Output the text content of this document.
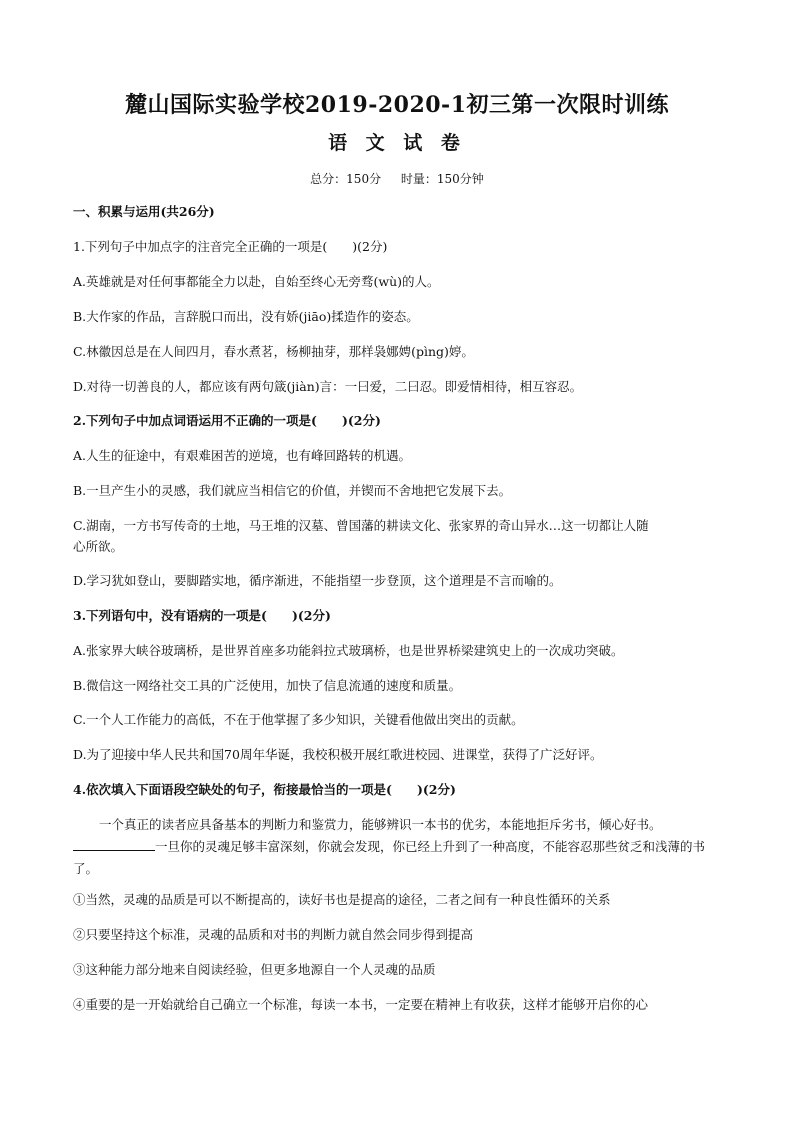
麓山国际实验学校2019-2020-1初三第一次限时训练
语 文 试 卷
总分：150分 时量：150分钟
一、积累与运用(共26分)
1.下列句子中加点字的注音完全正确的一项是(　　)(2分)
A.英雄就是对任何事都能全力以赴，自始至终心无旁骛(wù)的人。
B.大作家的作品，言辞脱口而出，没有娇(jiāo)揉造作的姿态。
C.林徽因总是在人间四月，春水煮茗，杨柳抽芽，那样袅娜娉(pìng)婷。
D.对待一切善良的人，都应该有两句箴(jiàn)言：一曰爱，二曰忍。即爱情相待，相互容忍。
2.下列句子中加点词语运用不正确的一项是(　　)(2分)
A.人生的征途中，有艰难困苦的逆境，也有峰回路转的机遇。
B.一旦产生小的灵感，我们就应当相信它的价值，并锲而不舍地把它发展下去。
C.湖南，一方书写传奇的土地，马王堆的汉墓、曾国藩的耕读文化、张家界的奇山异水…这一切都让人随
心所欲。
D.学习犹如登山，要脚踏实地，循序渐进，不能指望一步登顶，这个道理是不言而喻的。
3.下列语句中，没有语病的一项是(　　)(2分)
A.张家界大峡谷玻璃桥，是世界首座多功能斜拉式玻璃桥，也是世界桥梁建筑史上的一次成功突破。
B.微信这一网络社交工具的广泛使用，加快了信息流通的速度和质量。
C.一个人工作能力的高低，不在于他掌握了多少知识，关键看他做出突出的贡献。
D.为了迎接中华人民共和国70周年华诞，我校积极开展红歌进校园、进课堂，获得了广泛好评。
4.依次填入下面语段空缺处的句子，衔接最恰当的一项是(　　)(2分)
一个真正的读者应具备基本的判断力和鉴赏力，能够辨识一本书的优劣，本能地拒斥劣书，倾心好书。一旦你的灵魂足够丰富深刻，你就会发现，你已经上升到了一种高度，不能容忍那些贫乏和浅薄的书了。
①当然，灵魂的品质是可以不断提高的，读好书也是提高的途径，二者之间有一种良性循环的关系
②只要坚持这个标准，灵魂的品质和对书的判断力就自然会同步得到提高
③这种能力部分地来自阅读经验，但更多地源自一个人灵魂的品质
④重要的是一开始就给自己确立一个标准，每读一本书，一定要在精神上有收获，这样才能够开启你的心
